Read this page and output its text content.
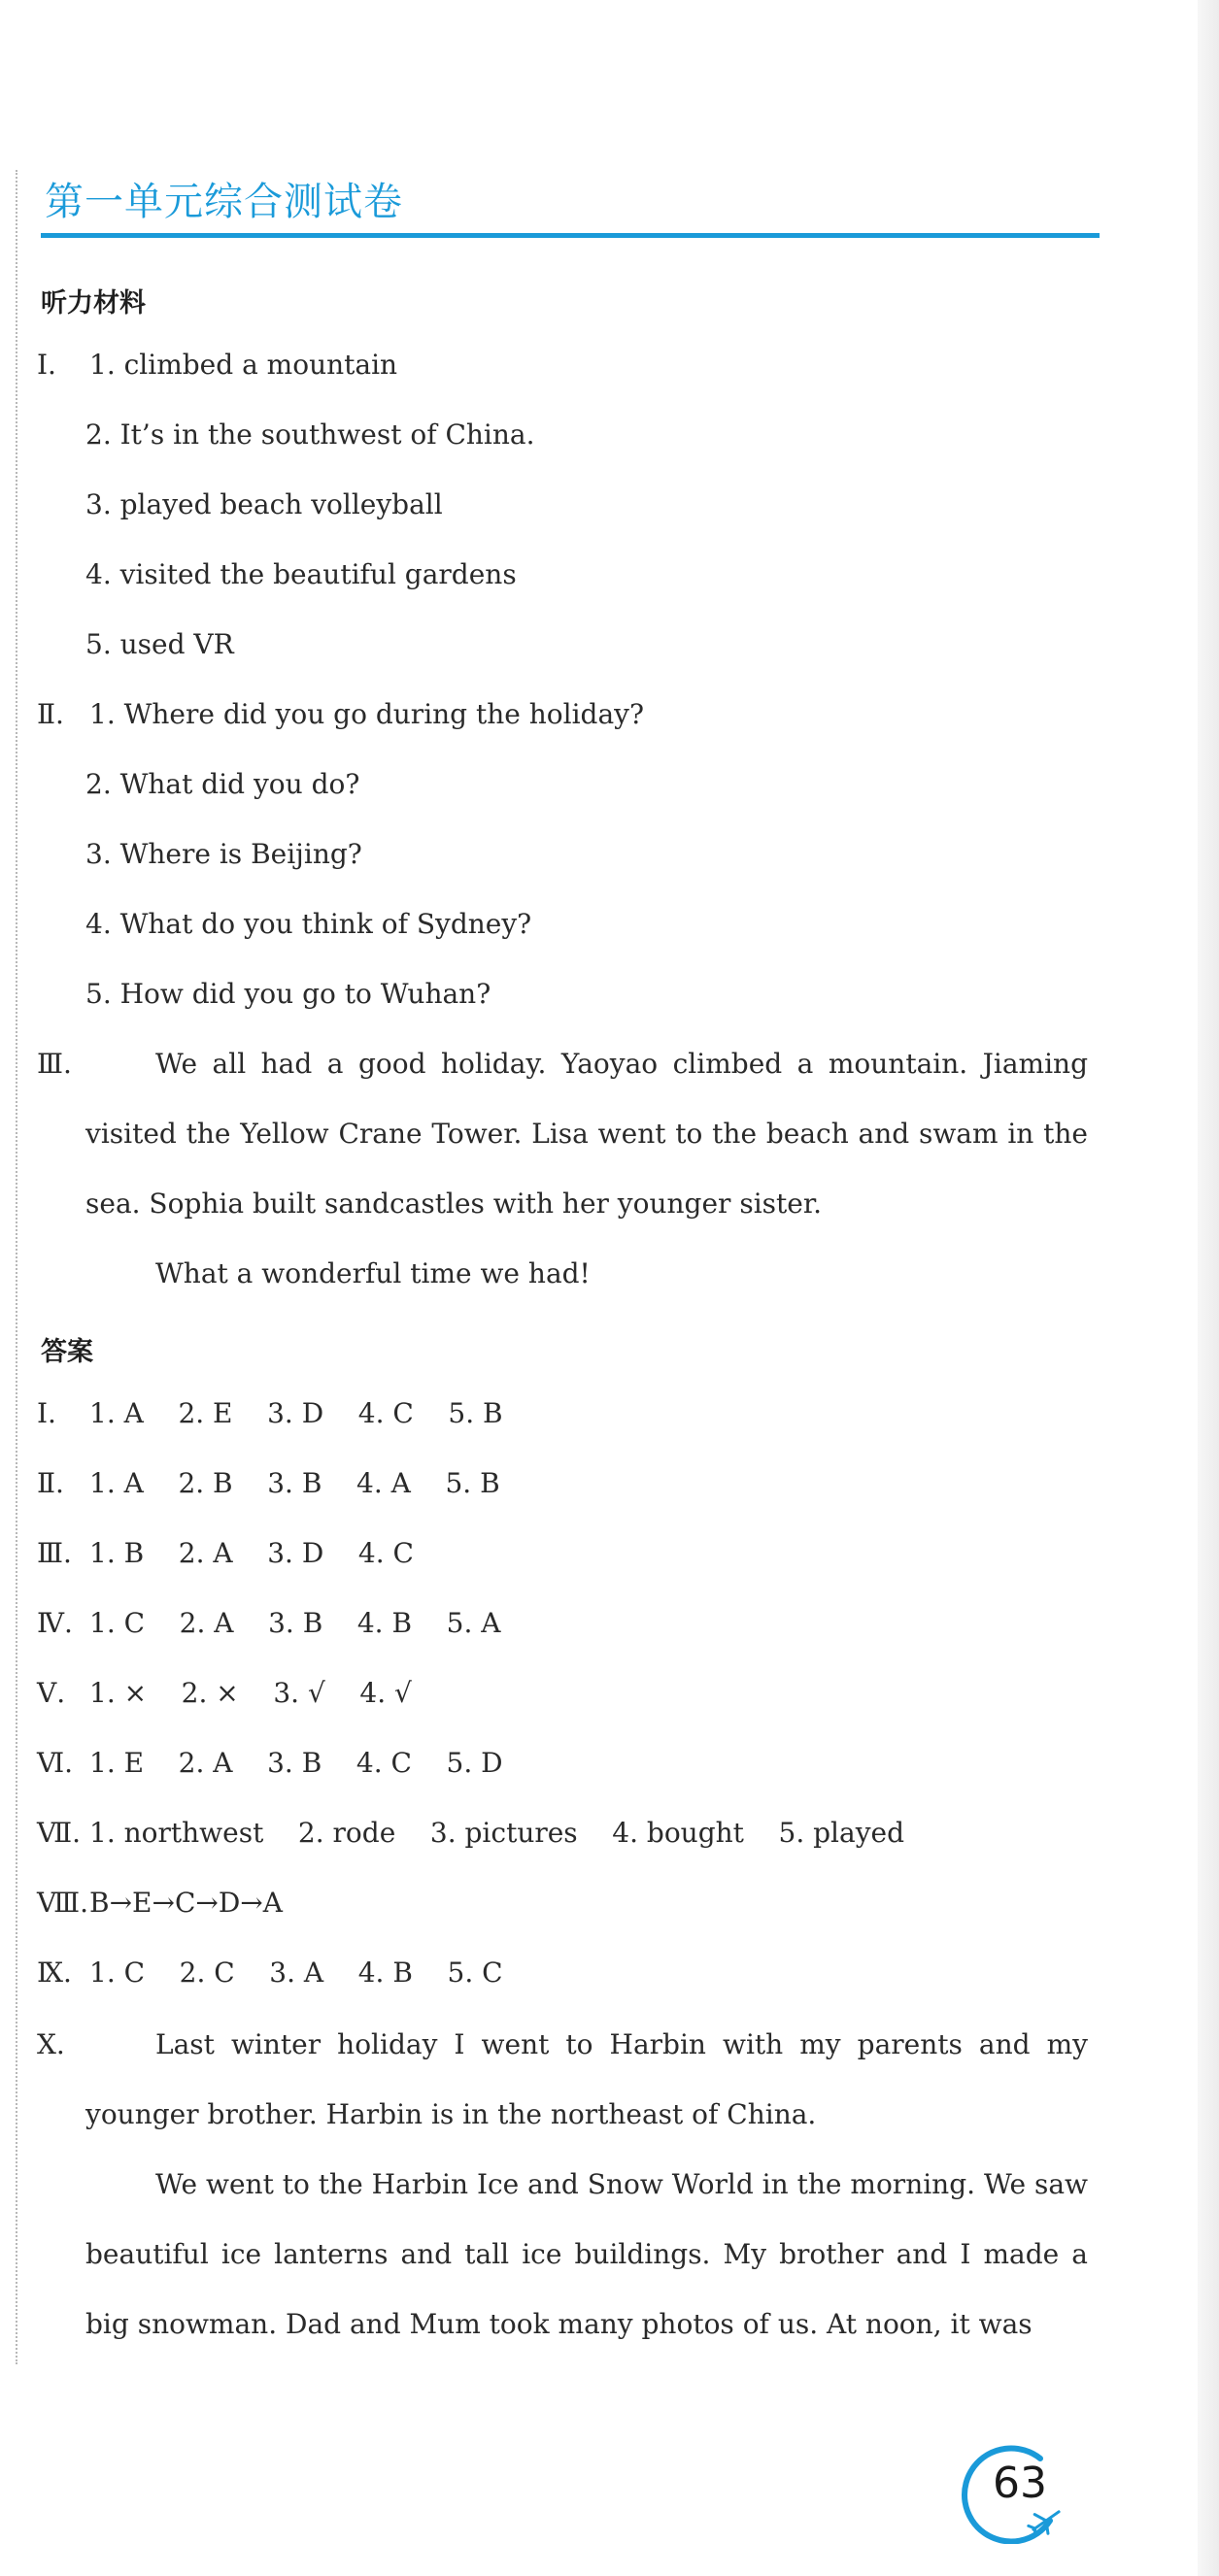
第一单元综合测试卷
听力材料
Ⅰ. 1. climbed a mountain
2. It’s in the southwest of China.
3. played beach volleyball
4. visited the beautiful gardens
5. used VR
Ⅱ. 1. Where did you go during the holiday?
2. What did you do?
3. Where is Beijing?
4. What do you think of Sydney?
5. How did you go to Wuhan?
Ⅲ.	We all had a good holiday. Yaoyao climbed a mountain. Jiaming visited the Yellow Crane Tower. Lisa went to the beach and swam in the sea. Sophia built sandcastles with her younger sister.
What a wonderful time we had!
答案
Ⅰ. 1. A    2. E    3. D    4. C    5. B
Ⅱ. 1. A    2. B    3. B    4. A    5. B
Ⅲ. 1. B    2. A    3. D    4. C
Ⅳ. 1. C    2. A    3. B    4. B    5. A
Ⅴ. 1. ×    2. ×    3. √    4. √
Ⅵ. 1. E    2. A    3. B    4. C    5. D
Ⅶ. 1. northwest    2. rode    3. pictures    4. bought    5. played
Ⅷ. B→E→C→D→A
Ⅸ. 1. C    2. C    3. A    4. B    5. C
Ⅹ.	Last winter holiday I went to Harbin with my parents and my younger brother. Harbin is in the northeast of China.
We went to the Harbin Ice and Snow World in the morning. We saw beautiful ice lanterns and tall ice buildings. My brother and I made a big snowman. Dad and Mum took many photos of us. At noon, it was
63
